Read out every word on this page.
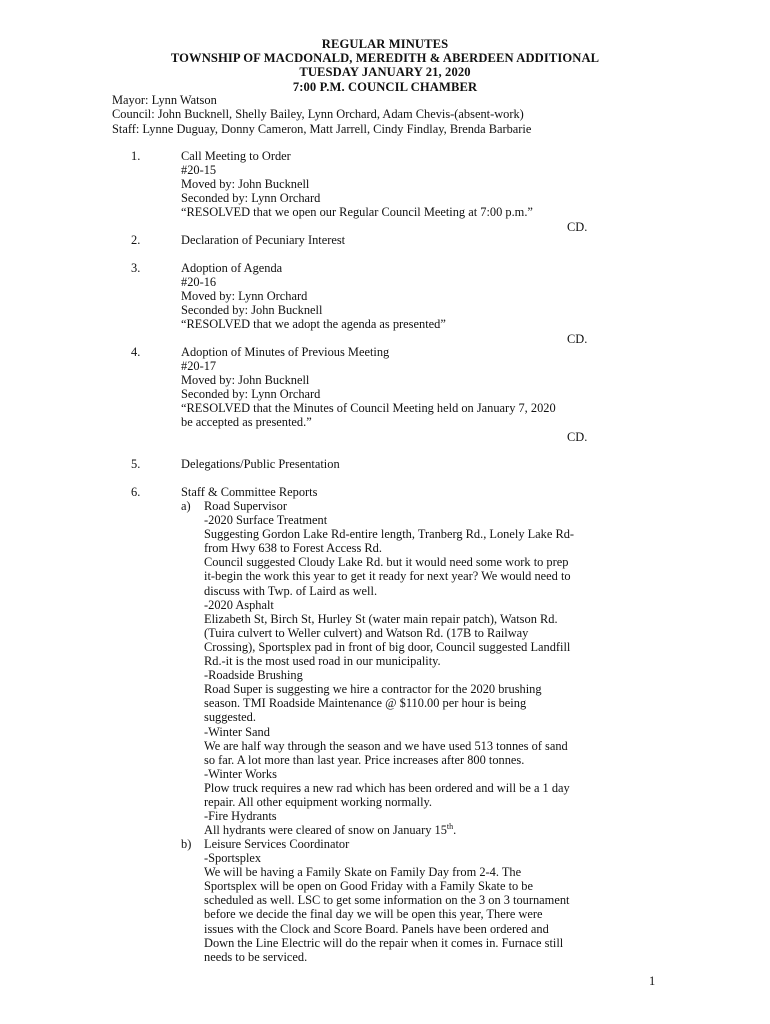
REGULAR MINUTES
TOWNSHIP OF MACDONALD, MEREDITH & ABERDEEN ADDITIONAL
TUESDAY JANUARY 21, 2020
7:00 P.M. COUNCIL CHAMBER
Mayor: Lynn Watson
Council: John Bucknell, Shelly Bailey, Lynn Orchard, Adam Chevis-(absent-work)
Staff: Lynne Duguay, Donny Cameron, Matt Jarrell, Cindy Findlay, Brenda Barbarie
1.	Call Meeting to Order
#20-15
Moved by: John Bucknell
Seconded by: Lynn Orchard
“RESOLVED that we open our Regular Council Meeting at 7:00 p.m.”
CD.
2.	Declaration of Pecuniary Interest
3.	Adoption of Agenda
#20-16
Moved by: Lynn Orchard
Seconded by: John Bucknell
“RESOLVED that we adopt the agenda as presented”
CD.
4.	Adoption of Minutes of Previous Meeting
#20-17
Moved by: John Bucknell
Seconded by: Lynn Orchard
“RESOLVED that the Minutes of Council Meeting held on January 7, 2020
be accepted as presented.”
CD.
5.	Delegations/Public Presentation
6.	Staff & Committee Reports
a) Road Supervisor
-2020 Surface Treatment
Suggesting Gordon Lake Rd-entire length, Tranberg Rd., Lonely Lake Rd-
from Hwy 638 to Forest Access Rd.
Council suggested Cloudy Lake Rd. but it would need some work to prep
it-begin the work this year to get it ready for next year? We would need to
discuss with Twp. of Laird as well.
-2020 Asphalt
Elizabeth St, Birch St, Hurley St (water main repair patch), Watson Rd.
(Tuira culvert to Weller culvert) and Watson Rd. (17B to Railway
Crossing), Sportsplex pad in front of big door, Council suggested Landfill
Rd.-it is the most used road in our municipality.
-Roadside Brushing
Road Super is suggesting we hire a contractor for the 2020 brushing
season. TMI Roadside Maintenance @ $110.00 per hour is being
suggested.
-Winter Sand
We are half way through the season and we have used 513 tonnes of sand
so far. A lot more than last year. Price increases after 800 tonnes.
-Winter Works
Plow truck requires a new rad which has been ordered and will be a 1 day
repair. All other equipment working normally.
-Fire Hydrants
All hydrants were cleared of snow on January 15th.
b) Leisure Services Coordinator
-Sportsplex
We will be having a Family Skate on Family Day from 2-4. The
Sportsplex will be open on Good Friday with a Family Skate to be
scheduled as well. LSC to get some information on the 3 on 3 tournament
before we decide the final day we will be open this year, There were
issues with the Clock and Score Board. Panels have been ordered and
Down the Line Electric will do the repair when it comes in. Furnace still
needs to be serviced.
1
